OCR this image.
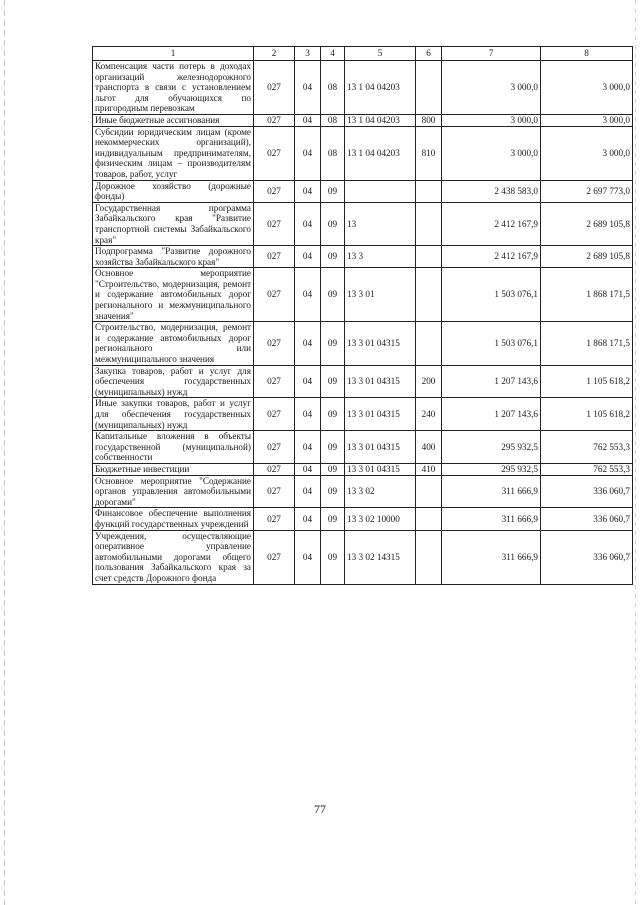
1	2	3	4	5	6	7	8
Компенсация части потерь в доходах организаций железнодорожного транспорта в связи с установлением льгот для обучающихся по пригородным перевозкам	027	04	08	13 1 04 04203		3 000,0	3 000,0
Иные бюджетные ассигнования	027	04	08	13 1 04 04203	800	3 000,0	3 000,0
Субсидии юридическим лицам (кроме некоммерческих организаций), индивидуальным предпринимателям, физическим лицам – производителям товаров, работ, услуг	027	04	08	13 1 04 04203	810	3 000,0	3 000,0
Дорожное хозяйство (дорожные фонды)	027	04	09			2 438 583,0	2 697 773,0
Государственная программа Забайкальского края "Развитие транспортной системы Забайкальского края"	027	04	09	13		2 412 167,9	2 689 105,8
Подпрограмма "Развитие дорожного хозяйства Забайкальского края"	027	04	09	13 3		2 412 167,9	2 689 105,8
Основное мероприятие "Строительство, модернизация, ремонт и содержание автомобильных дорог регионального и межмуниципального значения"	027	04	09	13 3 01		1 503 076,1	1 868 171,5
Строительство, модернизация, ремонт и содержание автомобильных дорог регионального или межмуниципального значения	027	04	09	13 3 01 04315		1 503 076,1	1 868 171,5
Закупка товаров, работ и услуг для обеспечения государственных (муниципальных) нужд	027	04	09	13 3 01 04315	200	1 207 143,6	1 105 618,2
Иные закупки товаров, работ и услуг для обеспечения государственных (муниципальных) нужд	027	04	09	13 3 01 04315	240	1 207 143,6	1 105 618,2
Капитальные вложения в объекты государственной (муниципальной) собственности	027	04	09	13 3 01 04315	400	295 932,5	762 553,3
Бюджетные инвестиции	027	04	09	13 3 01 04315	410	295 932,5	762 553,3
Основное мероприятие "Содержание органов управления автомобильными дорогами"	027	04	09	13 3 02		311 666,9	336 060,7
Финансовое обеспечение выполнения функций государственных учреждений	027	04	09	13 3 02 10000		311 666,9	336 060,7
Учреждения, осуществляющие оперативное управление автомобильными дорогами общего пользования Забайкальского края за счет средств Дорожного фонда	027	04	09	13 3 02 14315		311 666,9	336 060,7
77
